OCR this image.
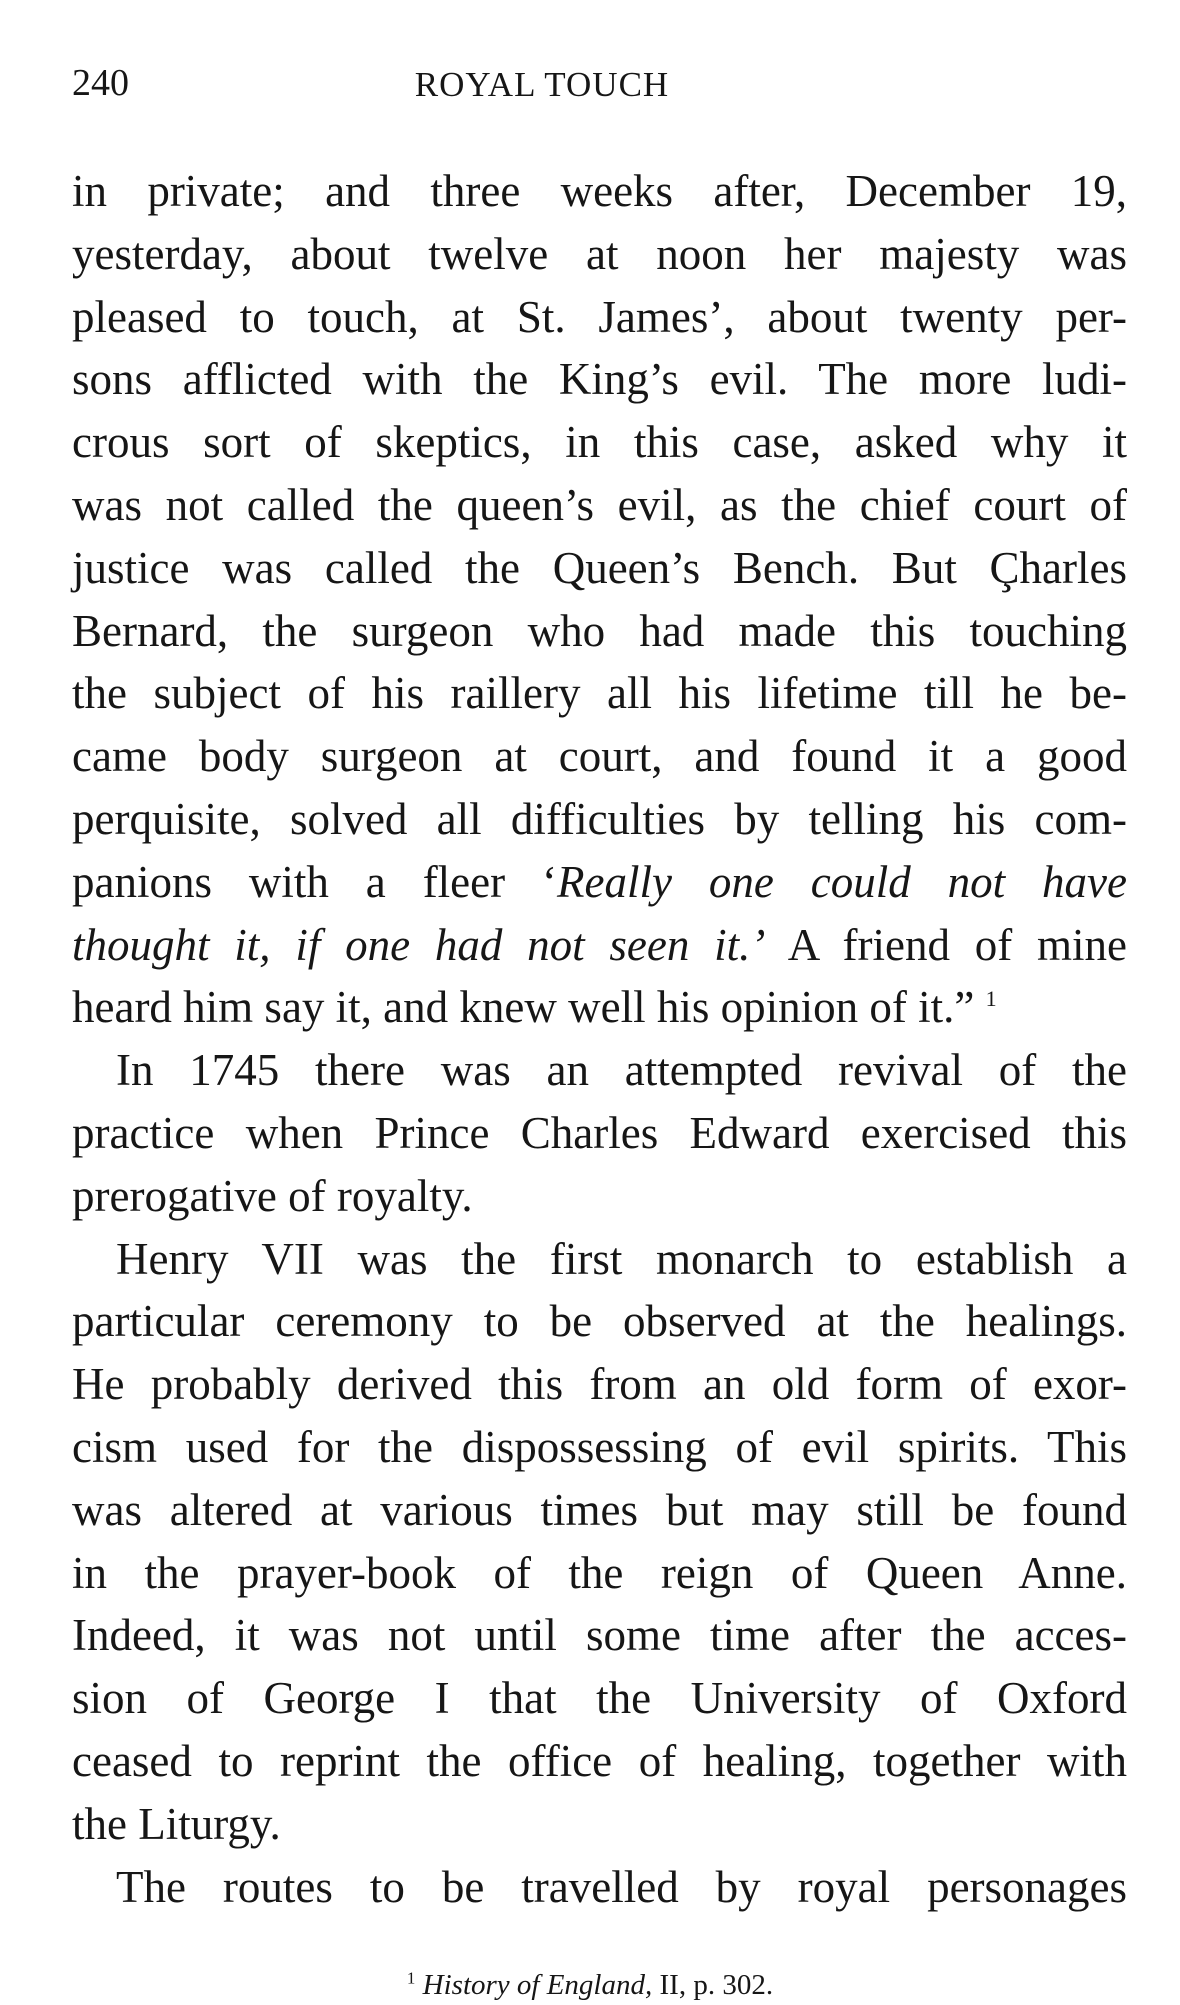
240	ROYAL TOUCH
in private; and three weeks after, December 19,
yesterday, about twelve at noon her majesty was
pleased to touch, at St. James’, about twenty per-
sons afflicted with the King’s evil. The more ludi-
crous sort of skeptics, in this case, asked why it
was not called the queen’s evil, as the chief court of
justice was called the Queen’s Bench. But Çharles
Bernard, the surgeon who had made this touching
the subject of his raillery all his lifetime till he be-
came body surgeon at court, and found it a good
perquisite, solved all difficulties by telling his com-
panions with a fleer ‘Really one could not have
thought it, if one had not seen it.’ A friend of mine
heard him say it, and knew well his opinion of it.” $^1$
In 1745 there was an attempted revival of the
practice when Prince Charles Edward exercised this
prerogative of royalty.
Henry VII was the first monarch to establish a
particular ceremony to be observed at the healings.
He probably derived this from an old form of exor-
cism used for the dispossessing of evil spirits. This
was altered at various times but may still be found
in the prayer-book of the reign of Queen Anne.
Indeed, it was not until some time after the acces-
sion of George I that the University of Oxford
ceased to reprint the office of healing, together with
the Liturgy.
The routes to be travelled by royal personages
$^1$ History of England, II, p. 302.
